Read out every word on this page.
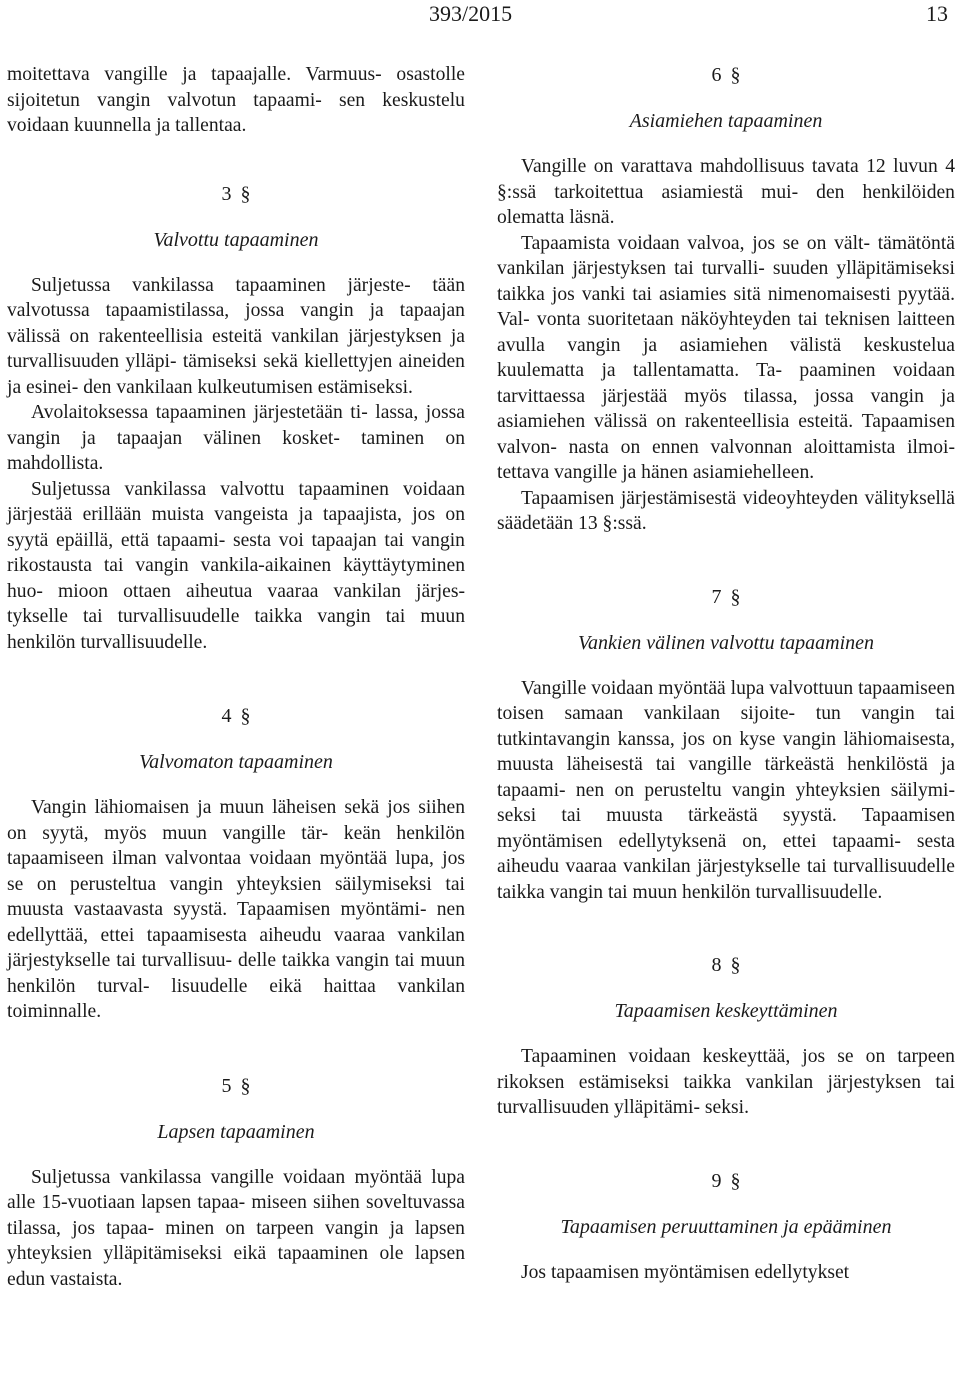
393/2015	13

moitettava vangille ja tapaajalle. Varmuus- osastolle sijoitetun vangin valvotun tapaami- sen keskustelu voidaan kuunnella ja tallentaa.

3 §
Valvottu tapaaminen

Suljetussa vankilassa tapaaminen järjeste- tään valvotussa tapaamistilassa, jossa vangin ja tapaajan välissä on rakenteellisia esteitä vankilan järjestyksen ja turvallisuuden ylläpi- tämiseksi sekä kiellettyjen aineiden ja esinei- den vankilaan kulkeutumisen estämiseksi.

Avolaitoksessa tapaaminen järjestetään ti- lassa, jossa vangin ja tapaajan välinen kosket- taminen on mahdollista.

Suljetussa vankilassa valvottu tapaaminen voidaan järjestää erillään muista vangeista ja tapaajista, jos on syytä epäillä, että tapaami- sesta voi tapaajan tai vangin rikostausta tai vangin vankila-aikainen käyttäytyminen huo- mioon ottaen aiheutua vaaraa vankilan järjes- tykselle tai turvallisuudelle taikka vangin tai muun henkilön turvallisuudelle.

4 §
Valvomaton tapaaminen

Vangin lähiomaisen ja muun läheisen sekä jos siihen on syytä, myös muun vangille tär- keän henkilön tapaamiseen ilman valvontaa voidaan myöntää lupa, jos se on perusteltua vangin yhteyksien säilymiseksi tai muusta vastaavasta syystä. Tapaamisen myöntämi- nen edellyttää, ettei tapaamisesta aiheudu vaaraa vankilan järjestykselle tai turvallisuu- delle taikka vangin tai muun henkilön turval- lisuudelle eikä haittaa vankilan toiminnalle.

5 §
Lapsen tapaaminen

Suljetussa vankilassa vangille voidaan myöntää lupa alle 15-vuotiaan lapsen tapaa- miseen siihen soveltuvassa tilassa, jos tapaa- minen on tarpeen vangin ja lapsen yhteyksien ylläpitämiseksi eikä tapaaminen ole lapsen edun vastaista.

6 §
Asiamiehen tapaaminen

Vangille on varattava mahdollisuus tavata 12 luvun 4 §:ssä tarkoitettua asiamiestä mui- den henkilöiden olematta läsnä.

Tapaamista voidaan valvoa, jos se on vält- tämätöntä vankilan järjestyksen tai turvalli- suuden ylläpitämiseksi taikka jos vanki tai asiamies sitä nimenomaisesti pyytää. Val- vonta suoritetaan näköyhteyden tai teknisen laitteen avulla vangin ja asiamiehen välistä keskustelua kuulematta ja tallentamatta. Ta- paaminen voidaan tarvittaessa järjestää myös tilassa, jossa vangin ja asiamiehen välissä on rakenteellisia esteitä. Tapaamisen valvon- nasta on ennen valvonnan aloittamista ilmoi- tettava vangille ja hänen asiamiehelleen.

Tapaamisen järjestämisestä videoyhteyden välityksellä säädetään 13 §:ssä.

7 §
Vankien välinen valvottu tapaaminen

Vangille voidaan myöntää lupa valvottuun tapaamiseen toisen samaan vankilaan sijoite- tun vangin tai tutkintavangin kanssa, jos on kyse vangin lähiomaisesta, muusta läheisestä tai vangille tärkeästä henkilöstä ja tapaami- nen on perusteltu vangin yhteyksien säilymi- seksi tai muusta tärkeästä syystä. Tapaamisen myöntämisen edellytyksenä on, ettei tapaami- sesta aiheudu vaaraa vankilan järjestykselle tai turvallisuudelle taikka vangin tai muun henkilön turvallisuudelle.

8 §
Tapaamisen keskeyttäminen

Tapaaminen voidaan keskeyttää, jos se on tarpeen rikoksen estämiseksi taikka vankilan järjestyksen tai turvallisuuden ylläpitämi- seksi.

9 §
Tapaamisen peruuttaminen ja epääminen

Jos tapaamisen myöntämisen edellytykset
